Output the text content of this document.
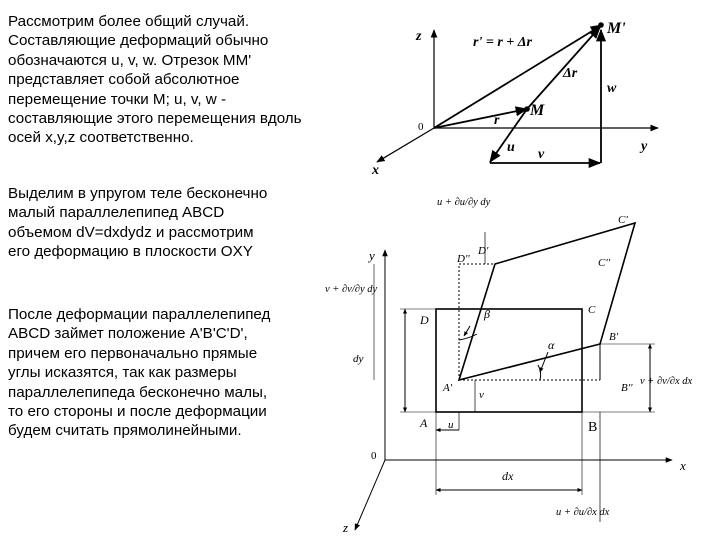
Рассмотрим более общий случай.
Составляющие деформаций обычно
обозначаются u, v, w. Отрезок MM'
представляет собой абсолютное
перемещение точки M; u, v, w -
составляющие этого перемещения вдоль
осей x,y,z соответственно.
Выделим в упругом теле бесконечно
малый параллелепипед ABCD
объемом dV=dxdydz и рассмотрим
его деформацию в плоскости OXY
После деформации параллелепипед
ABCD займет положение A'B'C'D',
причем его первоначально прямые
углы исказятся, так как размеры
параллелепипеда бесконечно малы,
то его стороны и после деформации
будем считать прямолинейными.
z
0
x
y
r' = r + Δr
M'
M
r
Δr
w
u v
y
0
x
z
A
A'
B
B'
B''
C
C'
C''
D
D'
D''
β
α
u
v
dx
dy
u + ∂u/∂y dy
v + ∂v/∂y dy
v + ∂v/∂x dx
u + ∂u/∂x dx
